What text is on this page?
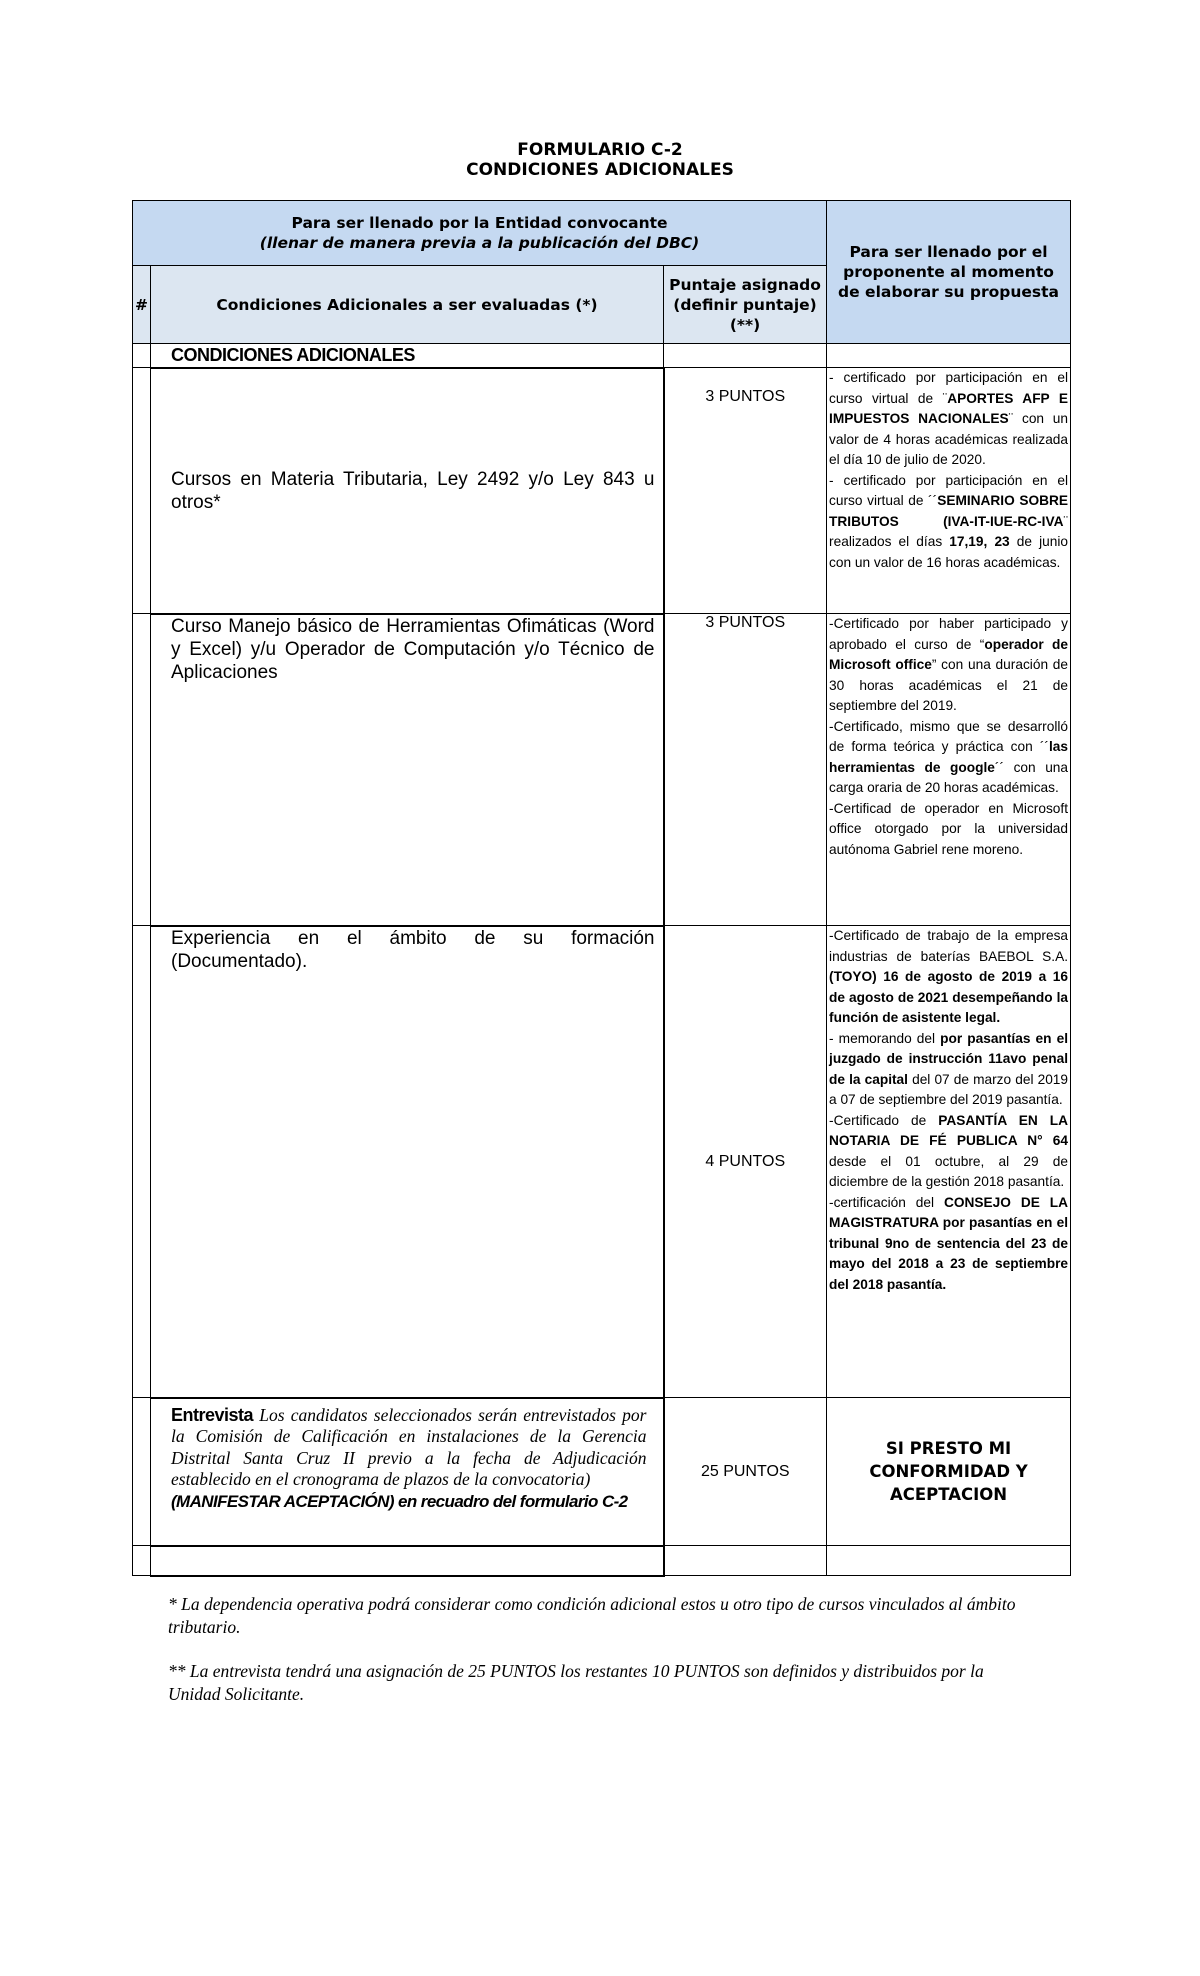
FORMULARIO C-2
CONDICIONES ADICIONALES
Para ser llenado por la Entidad convocante
(llenar de manera previa a la publicación del DBC)			Para ser llenado por el proponente al momento de elaborar su propuesta

#	Condiciones Adicionales a ser evaluadas (*)	Puntaje asignado (definir puntaje) (**)	
	CONDICIONES ADICIONALES		
	Cursos en Materia Tributaria, Ley 2492 y/o Ley 843 u otros*	3 PUNTOS	- certificado por participación en el curso virtual de ¨APORTES AFP E IMPUESTOS NACIONALES¨ con un valor de 4 horas académicas realizada el día 10 de julio de 2020.
- certificado por participación en el curso virtual de ´´SEMINARIO SOBRE TRIBUTOS (IVA-IT-IUE-RC-IVA¨ realizados el días 17,19, 23 de junio con un valor de 16 horas académicas.
	Curso Manejo básico de Herramientas Ofimáticas (Word y Excel) y/u Operador de Computación y/o Técnico de Aplicaciones	3 PUNTOS	-Certificado por haber participado y aprobado el curso de “operador de Microsoft office” con una duración de 30 horas académicas el 21 de septiembre del 2019.
-Certificado, mismo que se desarrolló de forma teórica y práctica con ´´las herramientas de google´´ con una carga oraria de 20 horas académicas.
-Certificad de operador en Microsoft office otorgado por la universidad autónoma Gabriel rene moreno.
	Experiencia en el ámbito de su formación (Documentado).	4 PUNTOS	-Certificado de trabajo de la empresa industrias de baterías BAEBOL S.A. (TOYO) 16 de agosto de 2019 a 16 de agosto de 2021 desempeñando la función de asistente legal.
- memorando del por pasantías en el juzgado de instrucción 11avo penal de la capital del 07 de marzo del 2019 a 07 de septiembre del 2019 pasantía.
-Certificado de PASANTÍA EN LA NOTARIA DE FÉ PUBLICA N° 64 desde el 01 octubre, al 29 de diciembre de la gestión 2018 pasantía.
-certificación del CONSEJO DE LA MAGISTRATURA por pasantías en el tribunal 9no de sentencia del 23 de mayo del 2018 a 23 de septiembre del 2018 pasantía.
	Entrevista Los candidatos seleccionados serán entrevistados por la Comisión de Calificación en instalaciones de la Gerencia Distrital Santa Cruz II previo a la fecha de Adjudicación establecido en el cronograma de plazos de la convocatoria)
(MANIFESTAR ACEPTACIÓN) en recuadro del formulario C-2	25 PUNTOS	SI PRESTO MI CONFORMIDAD Y ACEPTACION

* La dependencia operativa podrá considerar como condición adicional estos u otro tipo de cursos vinculados al ámbito tributario.
** La entrevista tendrá una asignación de 25 PUNTOS los restantes 10 PUNTOS son definidos y distribuidos por la Unidad Solicitante.
